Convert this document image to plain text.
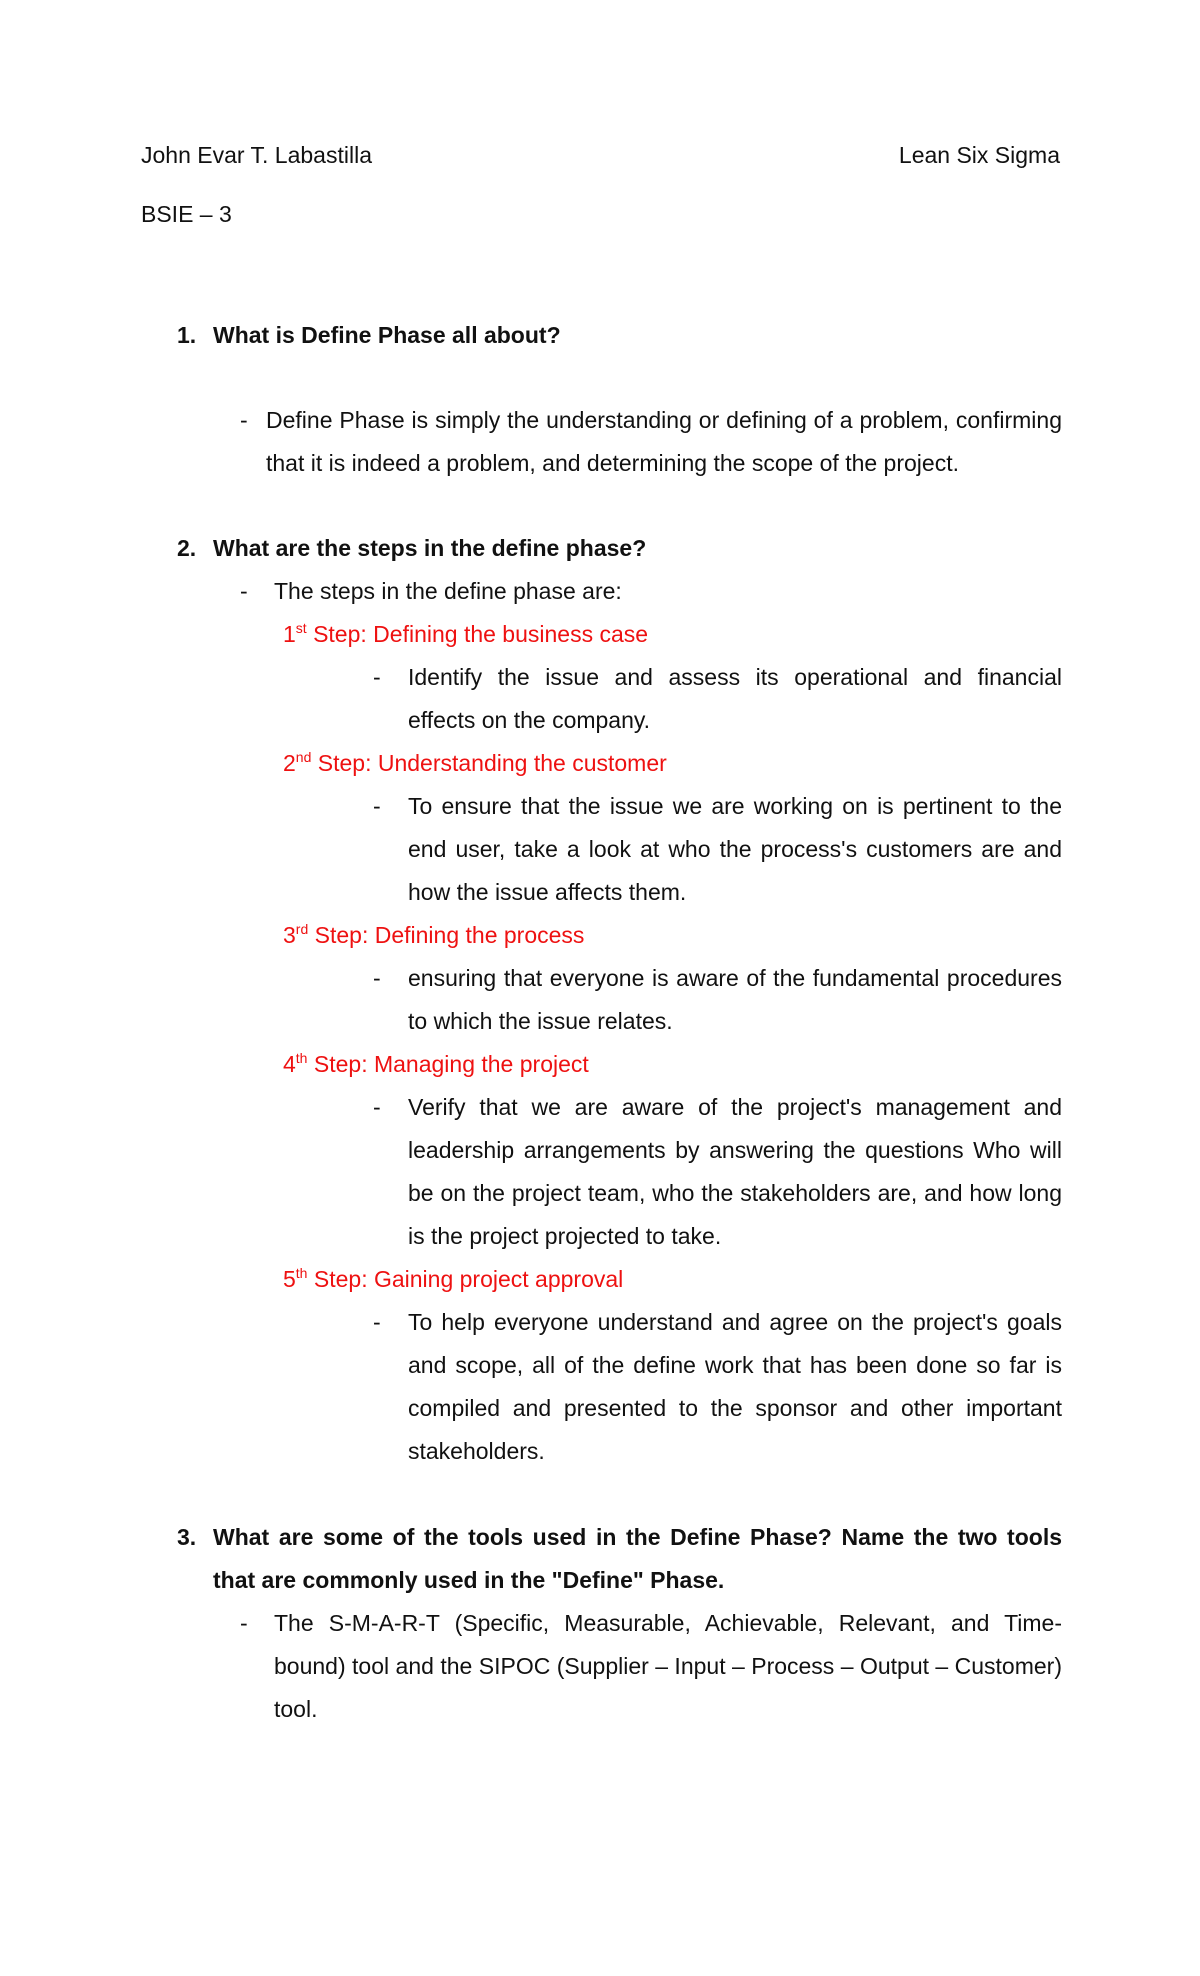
John Evar T. Labastilla	Lean Six Sigma
BSIE – 3
1. What is Define Phase all about?
- Define Phase is simply the understanding or defining of a problem, confirming that it is indeed a problem, and determining the scope of the project.
2. What are the steps in the define phase?
- The steps in the define phase are:
1st Step: Defining the business case
- Identify the issue and assess its operational and financial effects on the company.
2nd Step: Understanding the customer
- To ensure that the issue we are working on is pertinent to the end user, take a look at who the process's customers are and how the issue affects them.
3rd Step: Defining the process
- ensuring that everyone is aware of the fundamental procedures to which the issue relates.
4th Step: Managing the project
- Verify that we are aware of the project's management and leadership arrangements by answering the questions Who will be on the project team, who the stakeholders are, and how long is the project projected to take.
5th Step: Gaining project approval
- To help everyone understand and agree on the project's goals and scope, all of the define work that has been done so far is compiled and presented to the sponsor and other important stakeholders.
3. What are some of the tools used in the Define Phase? Name the two tools that are commonly used in the "Define" Phase.
- The S-M-A-R-T (Specific, Measurable, Achievable, Relevant, and Time-bound) tool and the SIPOC (Supplier – Input – Process – Output – Customer) tool.
